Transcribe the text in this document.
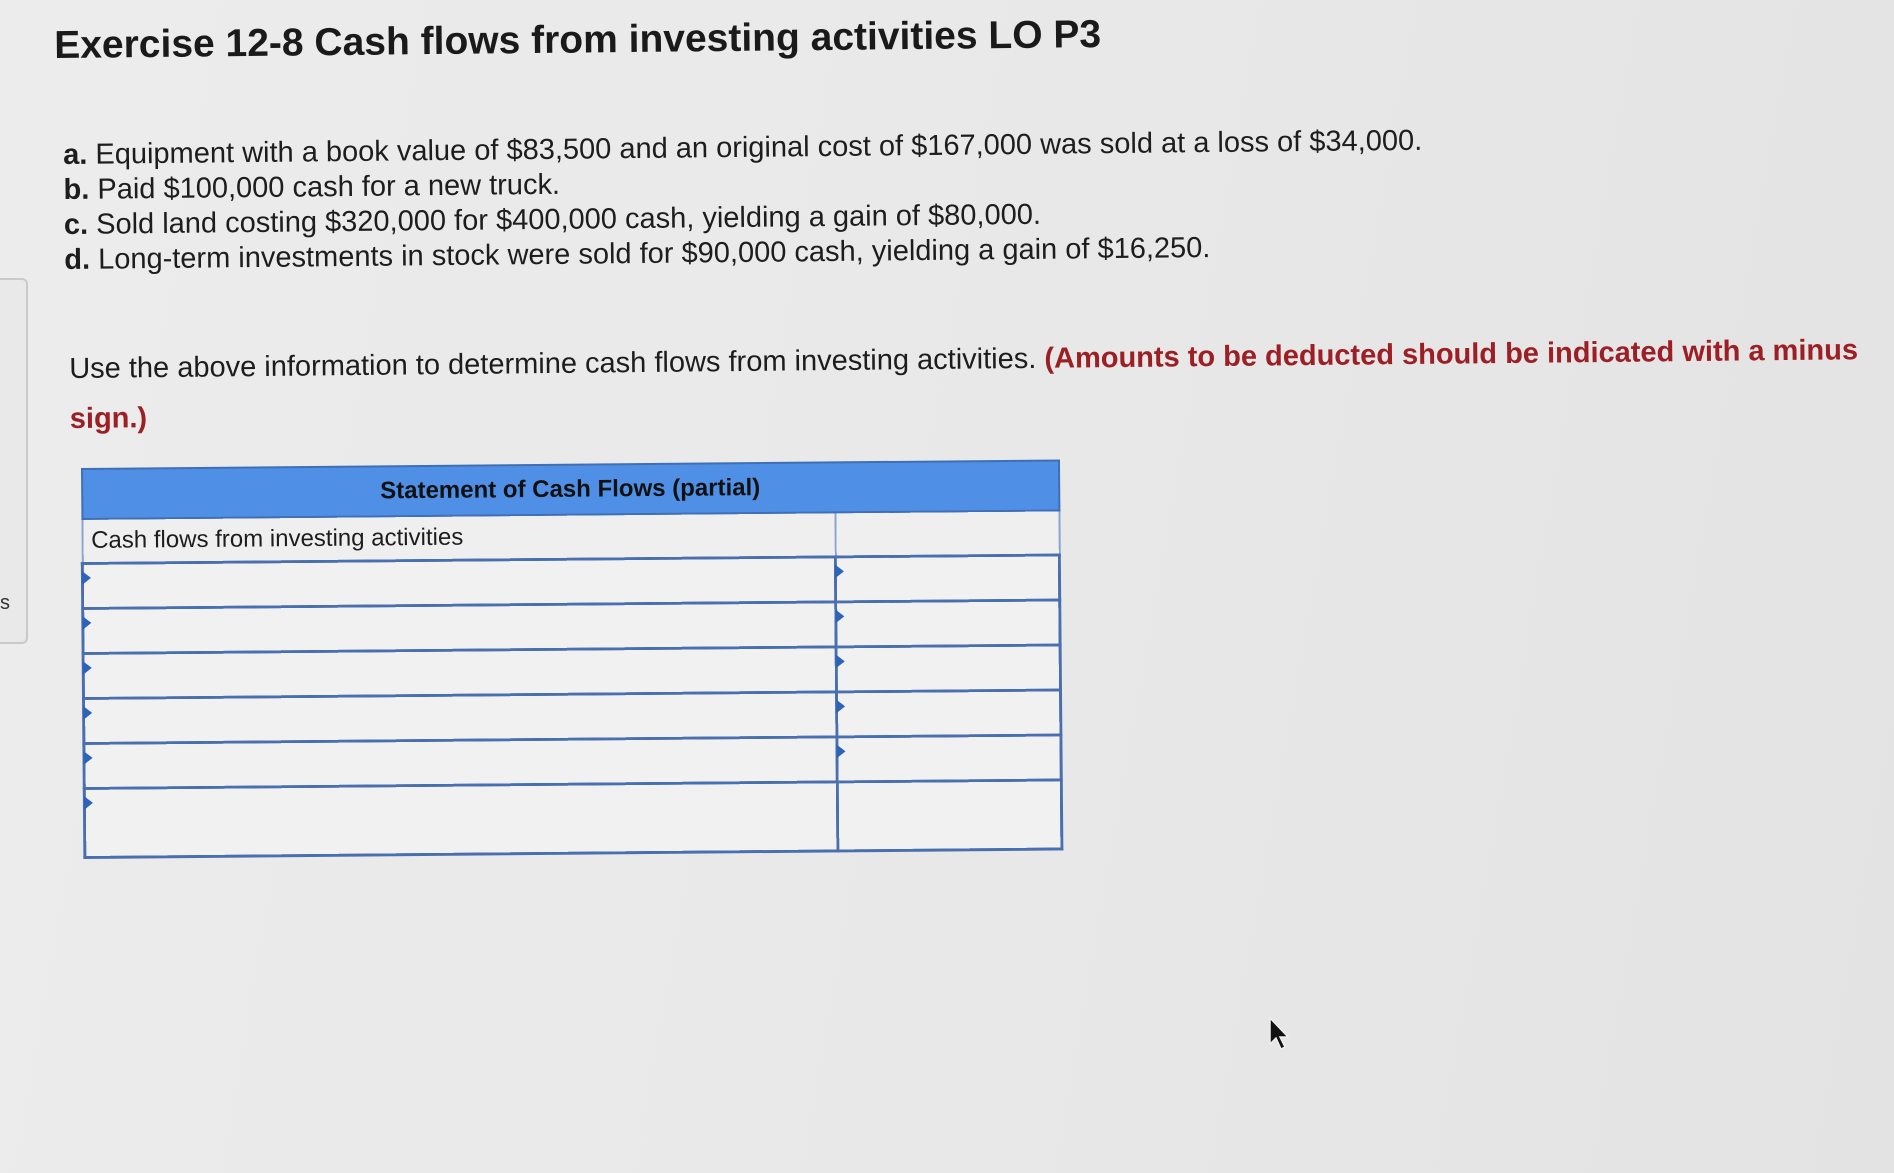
s
Exercise 12-8 Cash flows from investing activities LO P3
a. Equipment with a book value of $83,500 and an original cost of $167,000 was sold at a loss of $34,000.
b. Paid $100,000 cash for a new truck.
c. Sold land costing $320,000 for $400,000 cash, yielding a gain of $80,000.
d. Long-term investments in stock were sold for $90,000 cash, yielding a gain of $16,250.
Use the above information to determine cash flows from investing activities. (Amounts to be deducted should be indicated with a minus sign.)
Statement of Cash Flows (partial)	
Cash flows from investing activities	
